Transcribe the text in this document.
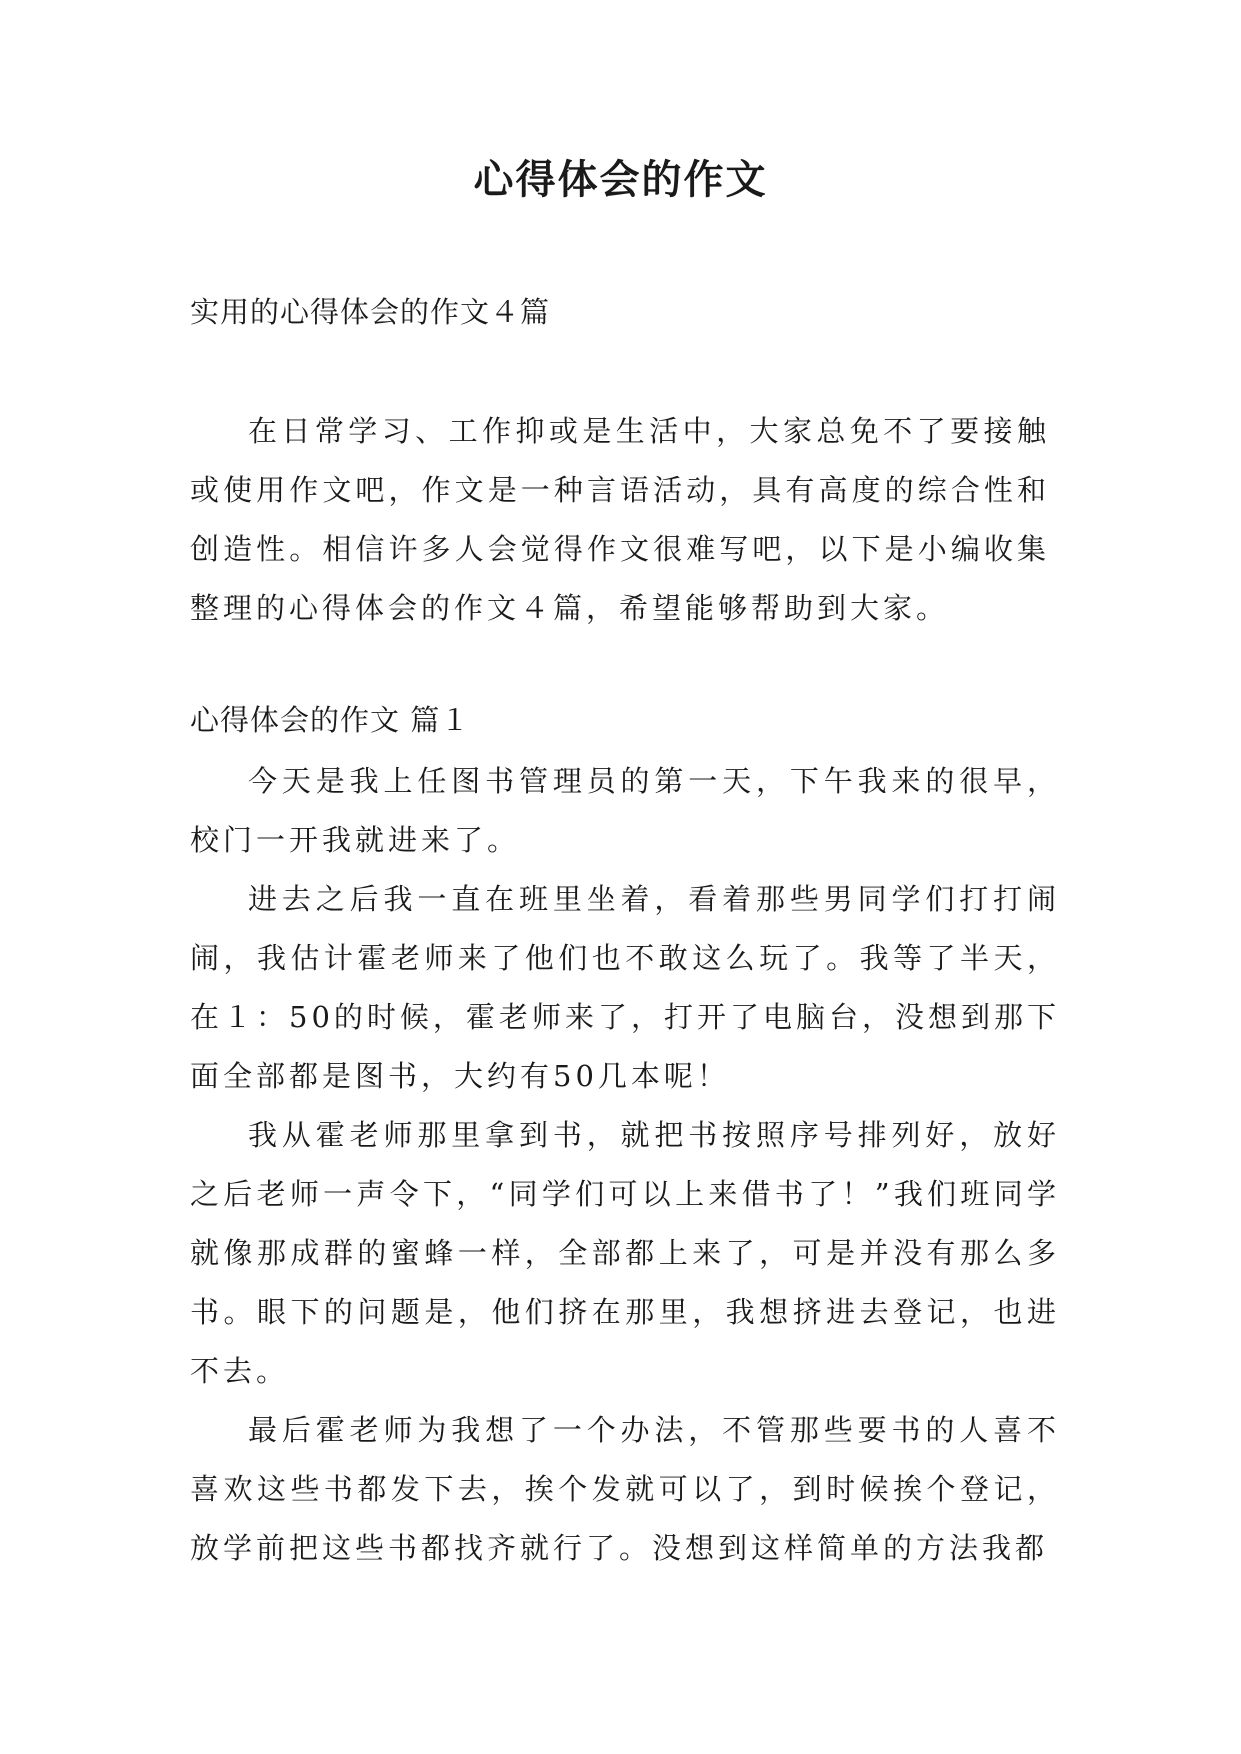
心得体会的作文

实用的心得体会的作文４篇

在日常学习、工作抑或是生活中，大家总免不了要接触或使用作文吧，作文是一种言语活动，具有高度的综合性和创造性。相信许多人会觉得作文很难写吧，以下是小编收集整理的心得体会的作文４篇，希望能够帮助到大家。

心得体会的作文 篇１

今天是我上任图书管理员的第一天，下午我来的很早，校门一开我就进来了。

进去之后我一直在班里坐着，看着那些男同学们打打闹闹，我估计霍老师来了他们也不敢这么玩了。我等了半天，在１：50的时候，霍老师来了，打开了电脑台，没想到那下面全部都是图书，大约有50几本呢！

我从霍老师那里拿到书，就把书按照序号排列好，放好之后老师一声令下，“同学们可以上来借书了！”我们班同学就像那成群的蜜蜂一样，全部都上来了，可是并没有那么多书。眼下的问题是，他们挤在那里，我想挤进去登记，也进不去。

最后霍老师为我想了一个办法，不管那些要书的人喜不喜欢这些书都发下去，挨个发就可以了，到时候挨个登记，放学前把这些书都找齐就行了。没想到这样简单的方法我都
